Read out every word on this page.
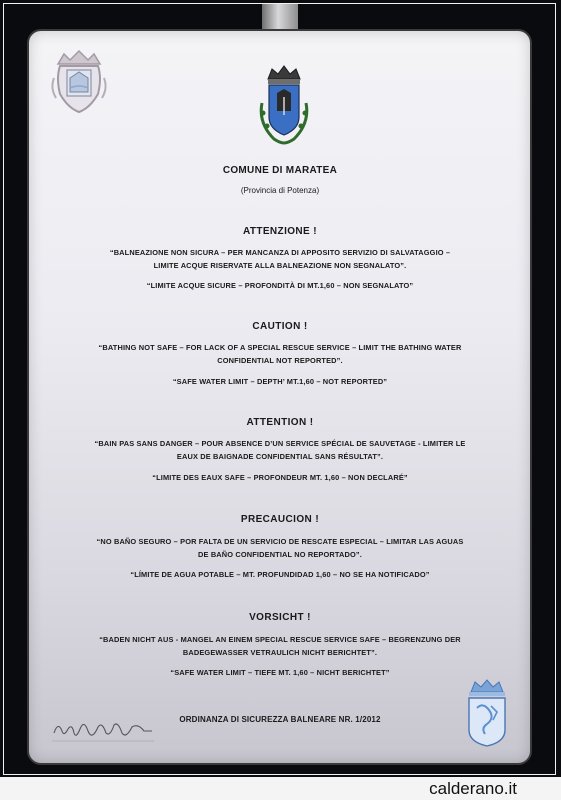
COMUNE DI MARATEA
(Provincia di Potenza)
ATTENZIONE !
“BALNEAZIONE NON SICURA – PER MANCANZA DI APPOSITO SERVIZIO DI SALVATAGGIO –
LIMITE ACQUE RISERVATE ALLA BALNEAZIONE NON SEGNALATO”.
“LIMITE ACQUE SICURE – PROFONDITÀ DI MT.1,60 – NON SEGNALATO”
CAUTION !
“BATHING NOT SAFE – FOR LACK OF A SPECIAL RESCUE SERVICE – LIMIT THE BATHING WATER
CONFIDENTIAL NOT REPORTED”.
“SAFE WATER LIMIT – DEPTH’ MT.1,60 – NOT REPORTED”
ATTENTION !
“BAIN PAS SANS DANGER – POUR ABSENCE D’UN SERVICE SPÉCIAL DE SAUVETAGE - LIMITER LE
EAUX DE BAIGNADE CONFIDENTIAL SANS RÉSULTAT”.
“LIMITE DES EAUX SAFE – PROFONDEUR MT. 1,60 – NON DECLARÉ”
PRECAUCION !
“NO BAÑO SEGURO – POR FALTA DE UN SERVICIO DE RESCATE ESPECIAL – LIMITAR LAS AGUAS
DE BAÑO CONFIDENTIAL NO REPORTADO”.
“LÍMITE DE AGUA POTABLE – MT. PROFUNDIDAD 1,60 – NO SE HA NOTIFICADO”
VORSICHT !
“BADEN NICHT AUS - MANGEL AN EINEM SPECIAL RESCUE SERVICE SAFE – BEGRENZUNG DER
BADEGEWASSER VETRAULICH NICHT BERICHTET”.
“SAFE WATER LIMIT – TIEFE MT. 1,60 – NICHT BERICHTET”
ORDINANZA DI SICUREZZA BALNEARE NR. 1/2012
calderano.it
